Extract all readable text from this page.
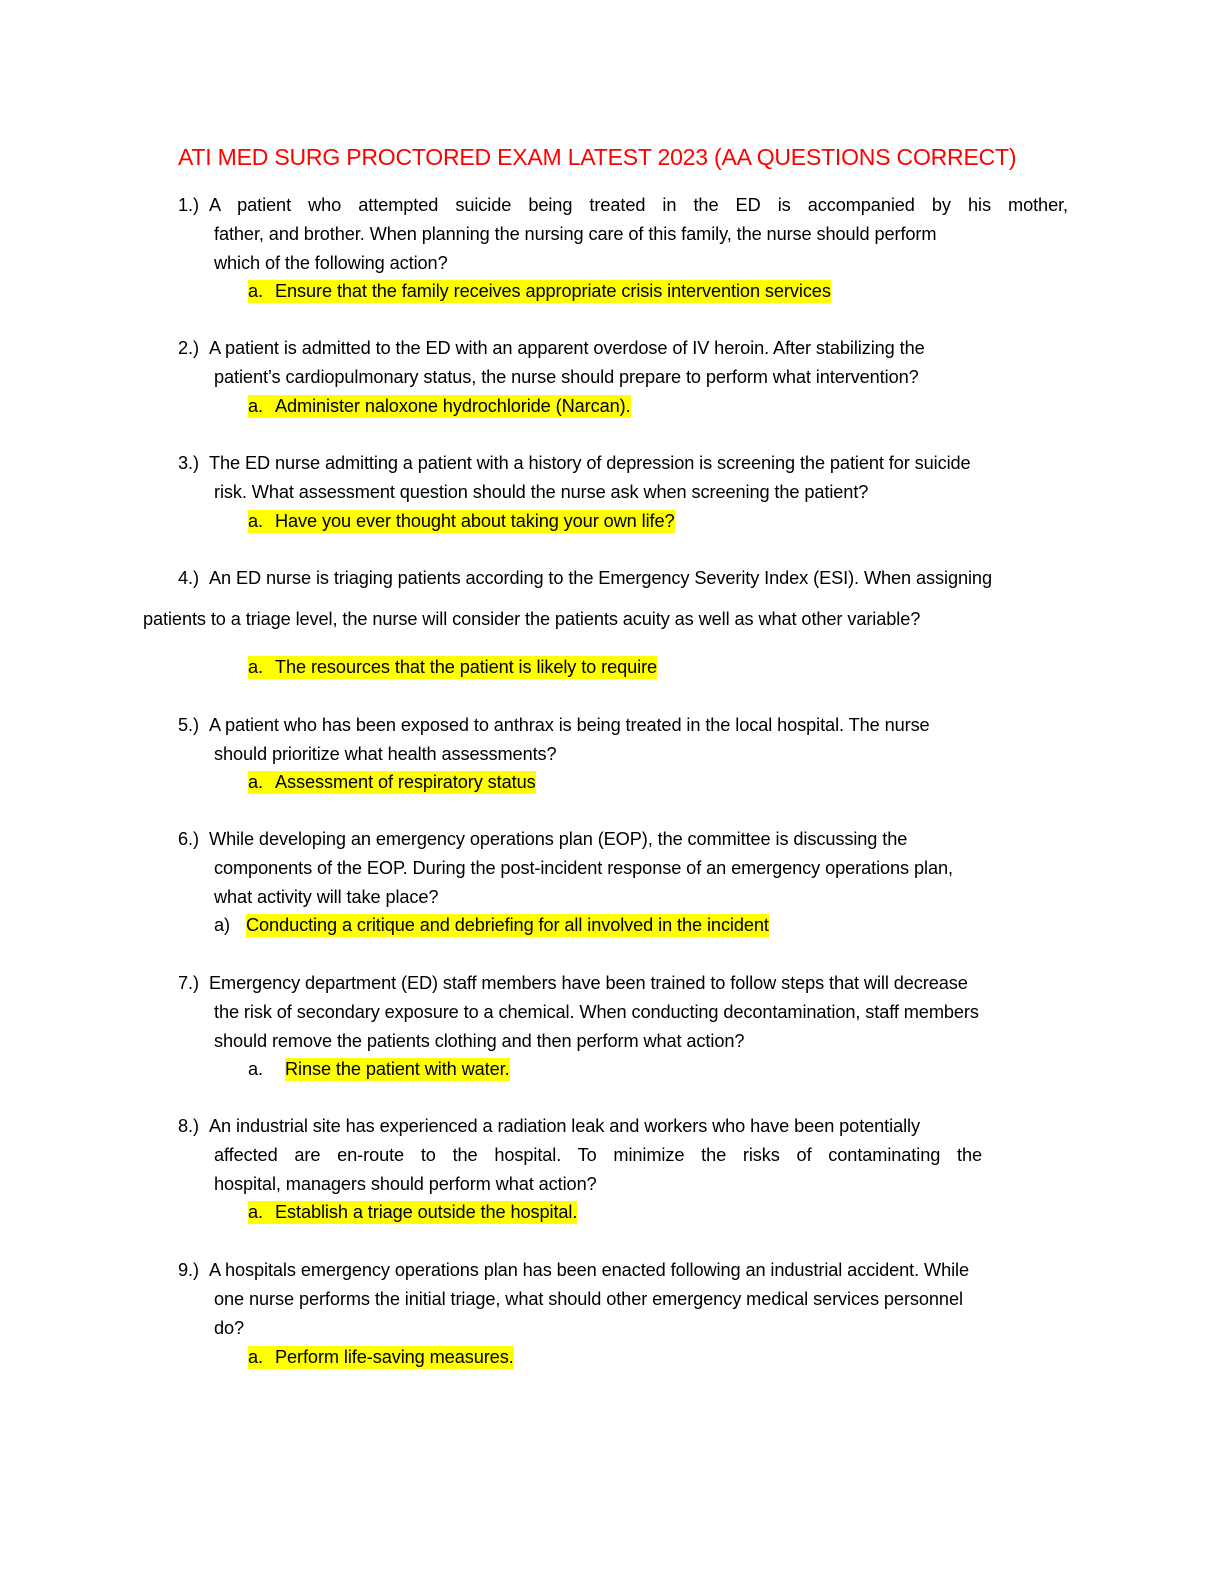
ATI MED SURG PROCTORED EXAM LATEST 2023 (AA QUESTIONS CORRECT)
1.) A patient who attempted suicide being treated in the ED is accompanied by his mother,
father, and brother. When planning the nursing care of this family, the nurse should perform
which of the following action?
a. Ensure that the family receives appropriate crisis intervention services
2.) A patient is admitted to the ED with an apparent overdose of IV heroin. After stabilizing the
patient’s cardiopulmonary status, the nurse should prepare to perform what intervention?
a. Administer naloxone hydrochloride (Narcan).
3.) The ED nurse admitting a patient with a history of depression is screening the patient for suicide
risk. What assessment question should the nurse ask when screening the patient?
a. Have you ever thought about taking your own life?
4.) An ED nurse is triaging patients according to the Emergency Severity Index (ESI). When assigning
patients to a triage level, the nurse will consider the patients acuity as well as what other variable?
a. The resources that the patient is likely to require
5.) A patient who has been exposed to anthrax is being treated in the local hospital. The nurse
should prioritize what health assessments?
a. Assessment of respiratory status
6.) While developing an emergency operations plan (EOP), the committee is discussing the
components of the EOP. During the post-incident response of an emergency operations plan,
what activity will take place?
a) Conducting a critique and debriefing for all involved in the incident
7.) Emergency department (ED) staff members have been trained to follow steps that will decrease
the risk of secondary exposure to a chemical. When conducting decontamination, staff members
should remove the patients clothing and then perform what action?
a. Rinse the patient with water.
8.) An industrial site has experienced a radiation leak and workers who have been potentially
affected are en-route to the hospital. To minimize the risks of contaminating the
hospital, managers should perform what action?
a. Establish a triage outside the hospital.
9.) A hospitals emergency operations plan has been enacted following an industrial accident. While
one nurse performs the initial triage, what should other emergency medical services personnel
do?
a. Perform life-saving measures.
